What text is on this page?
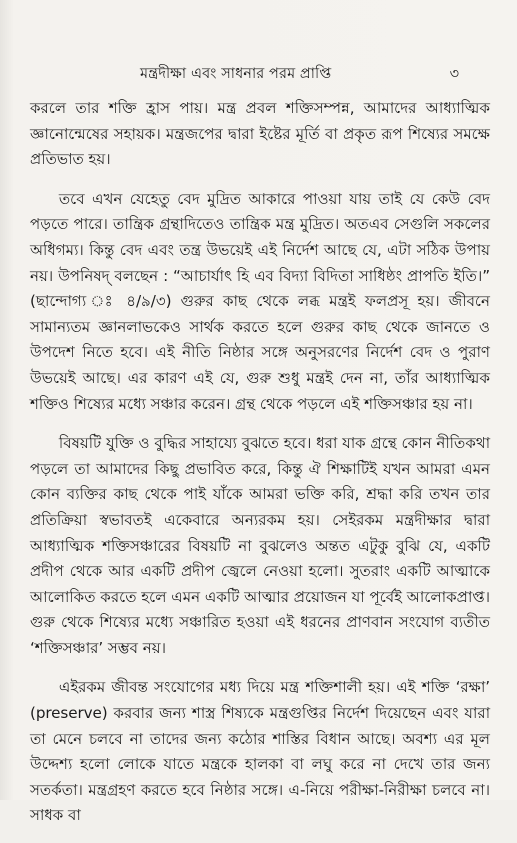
মন্ত্রদীক্ষা এবং সাধনার পরম প্রাপ্তি	৩

করলে তার শক্তি হ্রাস পায়। মন্ত্র প্রবল শক্তিসম্পন্ন, আমাদের আধ্যাত্মিক জ্ঞানোন্মেষের সহায়ক। মন্ত্রজপের দ্বারা ইষ্টের মূর্তি বা প্রকৃত রূপ শিষ্যের সমক্ষে প্রতিভাত হয়।

তবে এখন যেহেতু বেদ মুদ্রিত আকারে পাওয়া যায় তাই যে কেউ বেদ পড়তে পারে। তান্ত্রিক গ্রন্থাদিতেও তান্ত্রিক মন্ত্র মুদ্রিত। অতএব সেগুলি সকলের অধিগম্য। কিন্তু বেদ এবং তন্ত্র উভয়েই এই নির্দেশ আছে যে, এটা সঠিক উপায় নয়। উপনিষদ্ বলছেন : “আচার্যাৎ হি এব বিদ্যা বিদিতা সাধিষ্ঠং প্রাপতি ইতি।” (ছান্দোগ্য ঃ ৪/৯/৩) গুরুর কাছ থেকে লব্ধ মন্ত্রই ফলপ্রসূ হয়। জীবনে সামান্যতম জ্ঞানলাভকেও সার্থক করতে হলে গুরুর কাছ থেকে জানতে ও উপদেশ নিতে হবে। এই নীতি নিষ্ঠার সঙ্গে অনুসরণের নির্দেশ বেদ ও পুরাণ উভয়েই আছে। এর কারণ এই যে, গুরু শুধু মন্ত্রই দেন না, তাঁর আধ্যাত্মিক শক্তিও শিষ্যের মধ্যে সঞ্চার করেন। গ্রন্থ থেকে পড়লে এই শক্তিসঞ্চার হয় না।

বিষয়টি যুক্তি ও বুদ্ধির সাহায্যে বুঝতে হবে। ধরা যাক গ্রন্থে কোন নীতিকথা পড়লে তা আমাদের কিছু প্রভাবিত করে, কিন্তু ঐ শিক্ষাটিই যখন আমরা এমন কোন ব্যক্তির কাছ থেকে পাই যাঁকে আমরা ভক্তি করি, শ্রদ্ধা করি তখন তার প্রতিক্রিয়া স্বভাবতই একেবারে অন্যরকম হয়। সেইরকম মন্ত্রদীক্ষার দ্বারা আধ্যাত্মিক শক্তিসঞ্চারের বিষয়টি না বুঝলেও অন্তত এটুকু বুঝি যে, একটি প্রদীপ থেকে আর একটি প্রদীপ জ্বেলে নেওয়া হলো। সুতরাং একটি আত্মাকে আলোকিত করতে হলে এমন একটি আত্মার প্রয়োজন যা পূর্বেই আলোকপ্রাপ্ত। গুরু থেকে শিষ্যের মধ্যে সঞ্চারিত হওয়া এই ধরনের প্রাণবান সংযোগ ব্যতীত ‘শক্তিসঞ্চার’ সম্ভব নয়।

এইরকম জীবন্ত সংযোগের মধ্য দিয়ে মন্ত্র শক্তিশালী হয়। এই শক্তি ‘রক্ষা’ (preserve) করবার জন্য শাস্ত্র শিষ্যকে মন্ত্রগুপ্তির নির্দেশ দিয়েছেন এবং যারা তা মেনে চলবে না তাদের জন্য কঠোর শাস্তির বিধান আছে। অবশ্য এর মূল উদ্দেশ্য হলো লোকে যাতে মন্ত্রকে হালকা বা লঘু করে না দেখে তার জন্য সতর্কতা। মন্ত্রগ্রহণ করতে হবে নিষ্ঠার সঙ্গে। এ-নিয়ে পরীক্ষা-নিরীক্ষা চলবে না। সাধক বা
